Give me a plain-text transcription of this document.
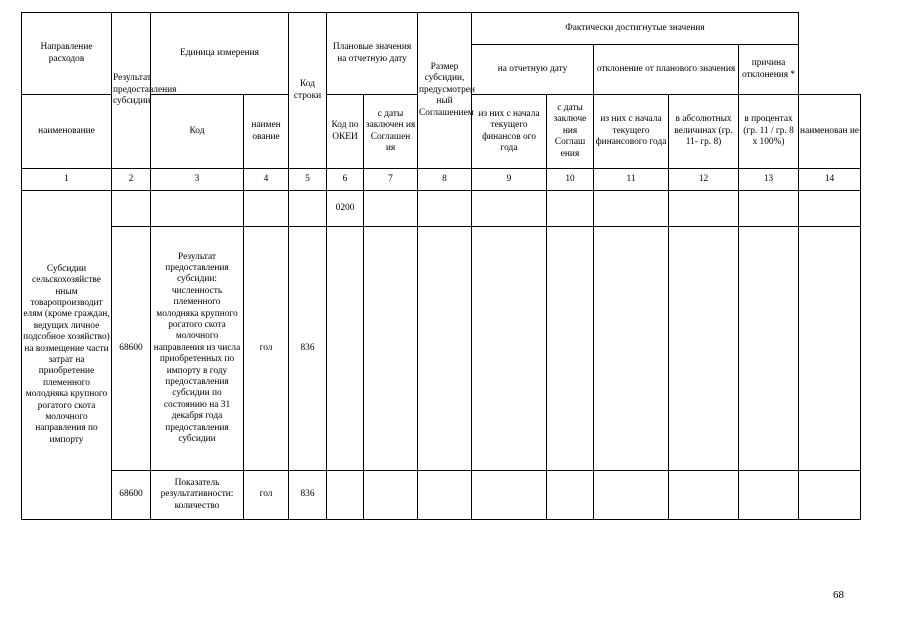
Направление расходов	Результат предоставления субсидии	Единица измерения		Код строки	Плановые значения на отчетную дату		Размер субсидии, предусмотрен ный Соглашением	Фактически достигнутые значения					
								на отчетную дату		отклонение от планового значения		причина отклонения *	
наименование		Код	наимен ование		Код по ОКЕИ	с даты заключен ия Соглашен ия		из них с начала текущего финансов ого года	с даты заключе ния Соглаш ения	из них с начала текущего финансового года	в абсолютных величинах (гр. 11- гр. 8)	в процентах (гр. 11 / гр. 8 х 100%)	наименован ие
1	2	3	4	5	6	7	8	9	10	11	12	13	14
Субсидии сельскохозяйстве нным товаропроизводит елям (кроме граждан, ведущих личное подсобное хозяйство) на возмещение части затрат на приобретение племенного молодняка крупного рогатого скота молочного направления по импорту					0200								
	68600	Результат предоставления субсидии: численность племенного молодняка крупного рогатого скота молочного направления из числа приобретенных по импорту в году предоставления субсидии по состоянию на 31 декабря года предоставления субсидии	гол	836									
	68600	Показатель результативности: количество	гол	836									
68
